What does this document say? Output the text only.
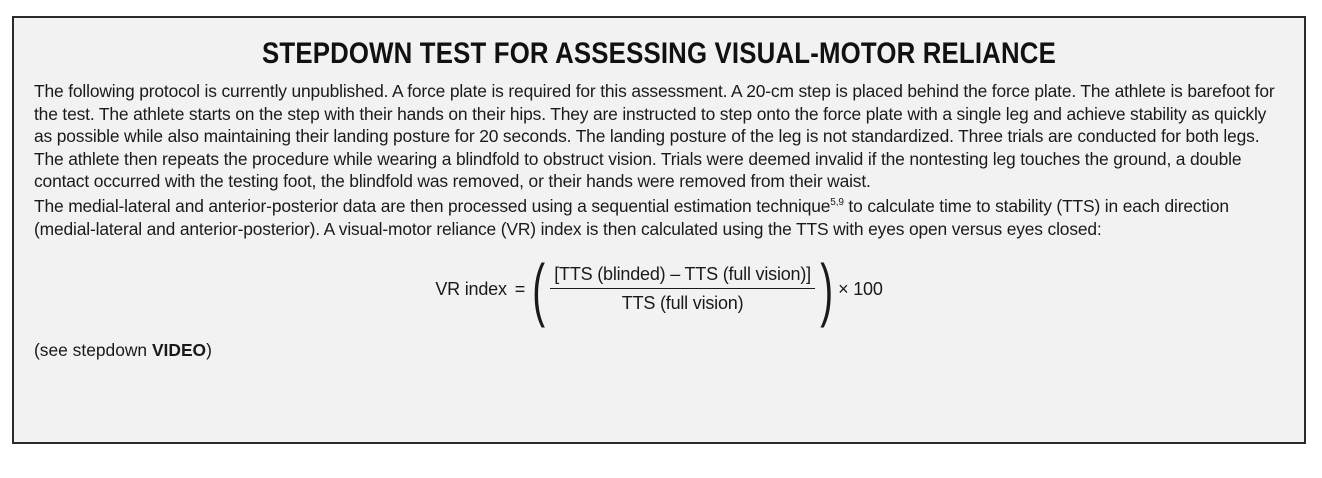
STEPDOWN TEST FOR ASSESSING VISUAL-MOTOR RELIANCE

The following protocol is currently unpublished. A force plate is required for this assessment. A 20-cm step is placed behind the force plate. The athlete is barefoot for the test. The athlete starts on the step with their hands on their hips. They are instructed to step onto the force plate with a single leg and achieve stability as quickly as possible while also maintaining their landing posture for 20 seconds. The landing posture of the leg is not standardized. Three trials are conducted for both legs. The athlete then repeats the procedure while wearing a blindfold to obstruct vision. Trials were deemed invalid if the nontesting leg touches the ground, a double contact occurred with the testing foot, the blindfold was removed, or their hands were removed from their waist.

The medial-lateral and anterior-posterior data are then processed using a sequential estimation technique$^{5,9}$ to calculate time to stability (TTS) in each direction (medial-lateral and anterior-posterior). A visual-motor reliance (VR) index is then calculated using the TTS with eyes open versus eyes closed:

VR index = ( $\frac{\text{[TTS (blinded) – TTS (full vision)]}}{\text{TTS (full vision)}}$ ) × 100
(see stepdown VIDEO)
